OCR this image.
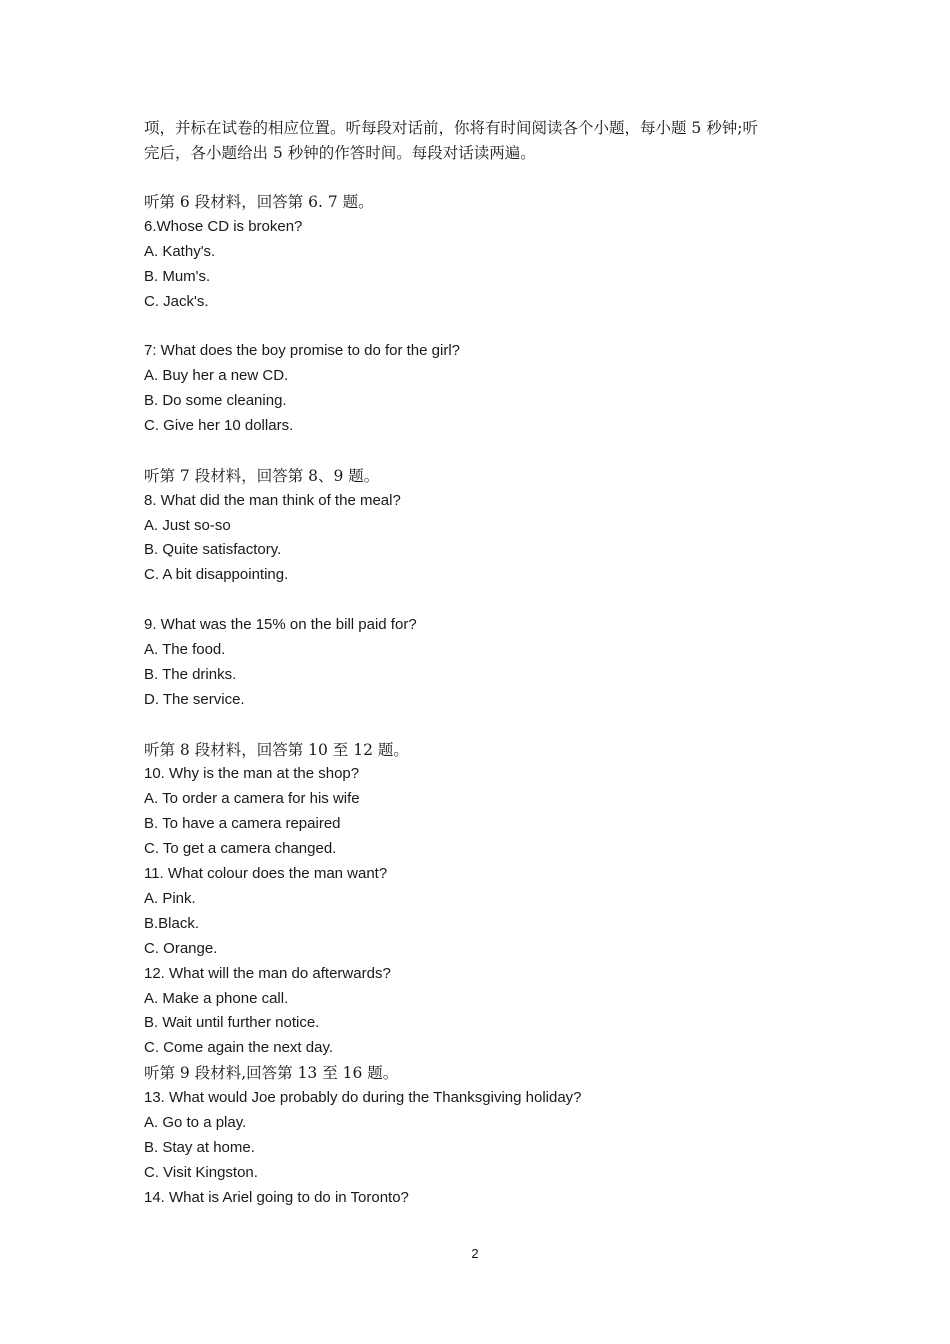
项，并标在试卷的相应位置。听每段对话前，你将有时间阅读各个小题，每小题 5 秒钟;听
完后，各小题给出 5 秒钟的作答时间。每段对话读两遍。
听第 6 段材料，回答第 6. 7 题。
6.Whose CD is broken?
A. Kathy's.
B. Mum's.
C. Jack's.
7: What does the boy promise to do for the girl?
A. Buy her a new CD.
B. Do some cleaning.
C. Give her 10 dollars.
听第 7 段材料，回答第 8、9 题。
8. What did the man think of the meal?
A. Just so-so
B. Quite satisfactory.
C. A bit disappointing.
9. What was the 15% on the bill paid for?
A. The food.
B. The drinks.
D. The service.
听第 8 段材料，回答第 10 至 12 题。
10. Why is the man at the shop?
A. To order a camera for his wife
B. To have a camera repaired
C. To get a camera changed.
11. What colour does the man want?
A. Pink.
B.Black.
C. Orange.
12. What will the man do afterwards?
A. Make a phone call.
B. Wait until further notice.
C. Come again the next day.
听第 9 段材料,回答第 13 至 16 题。
13. What would Joe probably do during the Thanksgiving holiday?
A. Go to a play.
B. Stay at home.
C. Visit Kingston.
14. What is Ariel going to do in Toronto?
2
